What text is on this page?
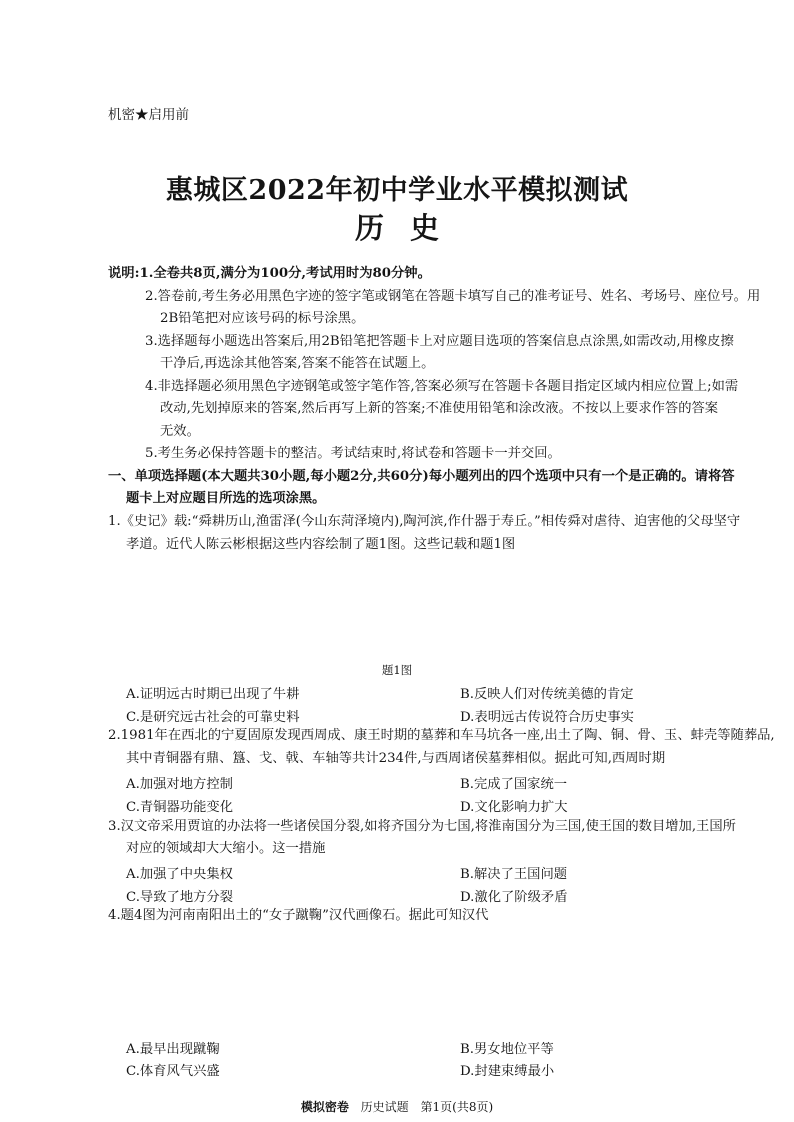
机密★启用前
惠城区2022年初中学业水平模拟测试
历史
说明:1.全卷共8页,满分为100分,考试用时为80分钟。
2.答卷前,考生务必用黑色字迹的签字笔或钢笔在答题卡填写自己的准考证号、姓名、考场号、座位号。用
2B铅笔把对应该号码的标号涂黑。
3.选择题每小题选出答案后,用2B铅笔把答题卡上对应题目选项的答案信息点涂黑,如需改动,用橡皮擦
干净后,再选涂其他答案,答案不能答在试题上。
4.非选择题必须用黑色字迹钢笔或签字笔作答,答案必须写在答题卡各题目指定区域内相应位置上;如需
改动,先划掉原来的答案,然后再写上新的答案;不准使用铅笔和涂改液。不按以上要求作答的答案
无效。
5.考生务必保持答题卡的整洁。考试结束时,将试卷和答题卡一并交回。
一、单项选择题(本大题共30小题,每小题2分,共60分)每小题列出的四个选项中只有一个是正确的。请将答
题卡上对应题目所选的选项涂黑。
1.《史记》载:“舜耕历山,渔雷泽(今山东菏泽境内),陶河滨,作什器于寿丘。”相传舜对虐待、迫害他的父母坚守
孝道。近代人陈云彬根据这些内容绘制了题1图。这些记载和题1图
题1图
A.证明远古时期已出现了牛耕	B.反映人们对传统美德的肯定
C.是研究远古社会的可靠史料	D.表明远古传说符合历史事实
2.1981年在西北的宁夏固原发现西周成、康王时期的墓葬和车马坑各一座,出土了陶、铜、骨、玉、蚌壳等随葬品,
其中青铜器有鼎、簋、戈、戟、车轴等共计234件,与西周诸侯墓葬相似。据此可知,西周时期
A.加强对地方控制	B.完成了国家统一
C.青铜器功能变化	D.文化影响力扩大
3.汉文帝采用贾谊的办法将一些诸侯国分裂,如将齐国分为七国,将淮南国分为三国,使王国的数目增加,王国所
对应的领域却大大缩小。这一措施
A.加强了中央集权	B.解决了王国问题
C.导致了地方分裂	D.激化了阶级矛盾
4.题4图为河南南阳出土的“女子蹴鞠”汉代画像石。据此可知汉代
A.最早出现蹴鞠	B.男女地位平等
C.体育风气兴盛	D.封建束缚最小
模拟密卷 历史试题 第1页(共8页)
